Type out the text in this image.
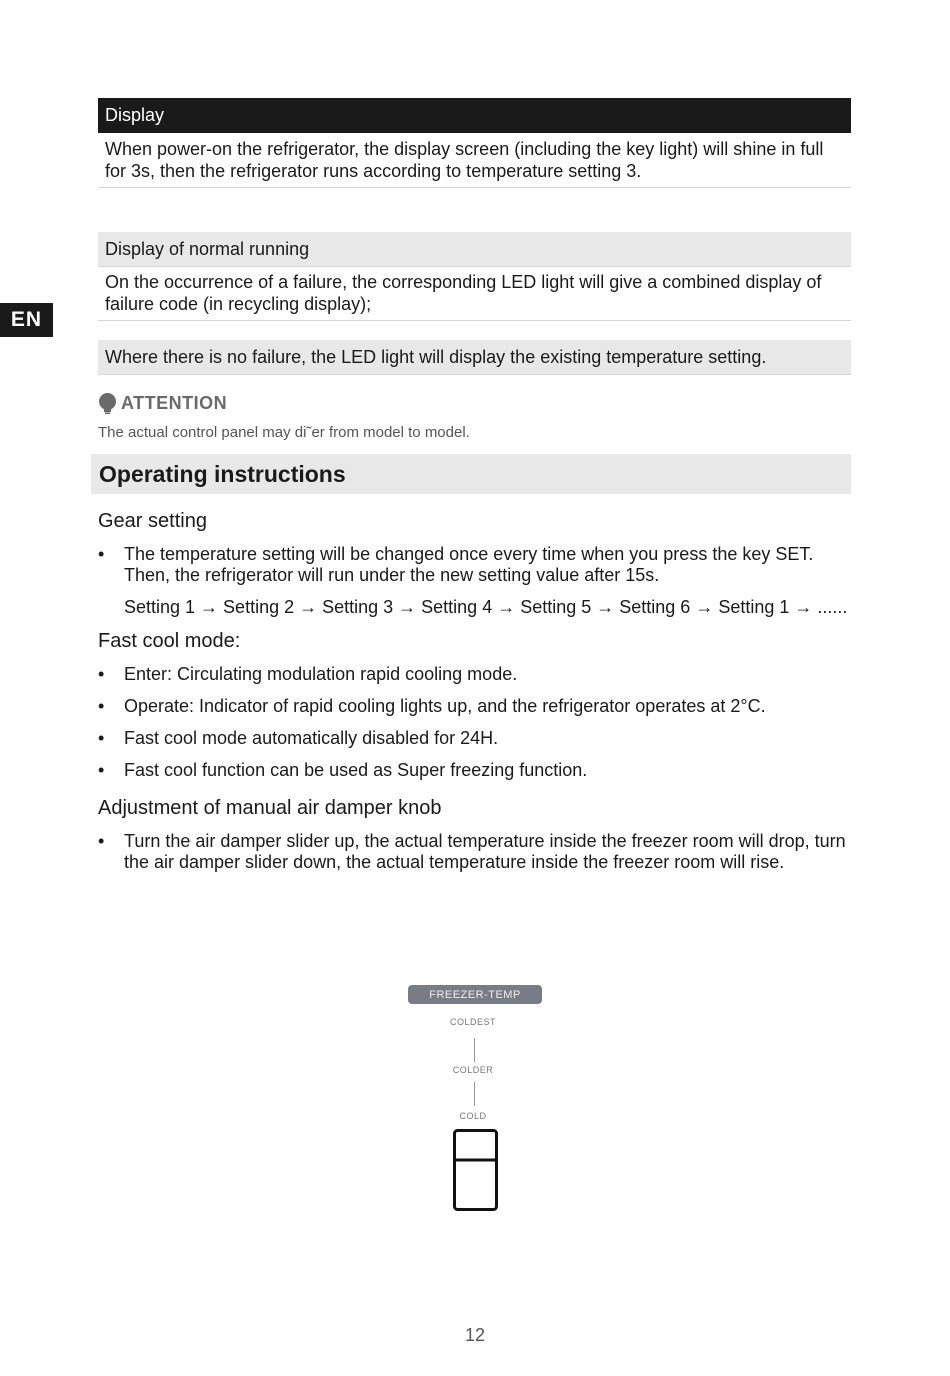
EN
Display
When power-on the refrigerator, the display screen (including the key light) will shine in full for 3s, then the refrigerator runs according to temperature setting 3.
Display of normal running
On the occurrence of a failure, the corresponding LED light will give a combined display of failure code (in recycling display);
Where there is no failure, the LED light will display the existing temperature setting.
ATTENTION
The actual control panel may di˜er from model to model.
Operating instructions
Gear setting
• The temperature setting will be changed once every time when you press the key SET. Then, the refrigerator will run under the new setting value after 15s.
Setting 1 → Setting 2 → Setting 3 → Setting 4 → Setting 5 → Setting 6 → Setting 1 → ......
Fast cool mode:
• Enter: Circulating modulation rapid cooling mode.
• Operate: Indicator of rapid cooling lights up, and the refrigerator operates at 2°C.
• Fast cool mode automatically disabled for 24H.
• Fast cool function can be used as Super freezing function.
Adjustment of manual air damper knob
• Turn the air damper slider up, the actual temperature inside the freezer room will drop, turn the air damper slider down, the actual temperature inside the freezer room will rise.
FREEZER-TEMP
COLDEST
COLDER
COLD
12
